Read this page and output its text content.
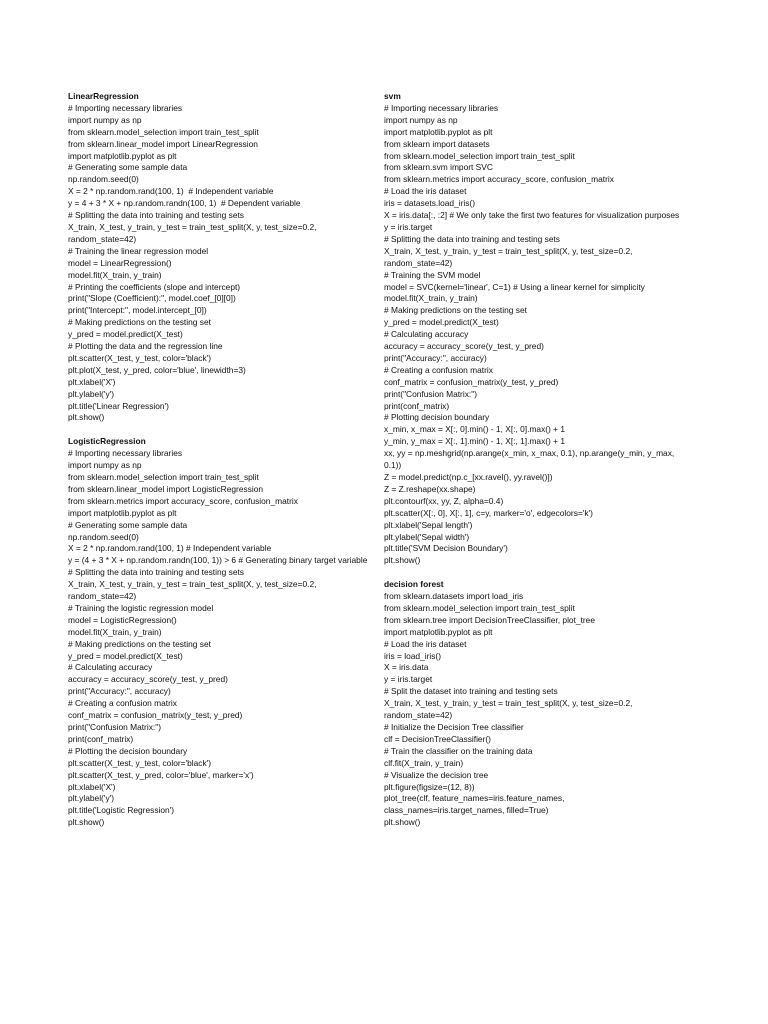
LinearRegression
# Importing necessary libraries
import numpy as np
from sklearn.model_selection import train_test_split
from sklearn.linear_model import LinearRegression
import matplotlib.pyplot as plt
# Generating some sample data
np.random.seed(0)
X = 2 * np.random.rand(100, 1)  # Independent variable
y = 4 + 3 * X + np.random.randn(100, 1)  # Dependent variable
# Splitting the data into training and testing sets
X_train, X_test, y_train, y_test = train_test_split(X, y, test_size=0.2,
random_state=42)
# Training the linear regression model
model = LinearRegression()
model.fit(X_train, y_train)
# Printing the coefficients (slope and intercept)
print("Slope (Coefficient):", model.coef_[0][0])
print("Intercept:", model.intercept_[0])
# Making predictions on the testing set
y_pred = model.predict(X_test)
# Plotting the data and the regression line
plt.scatter(X_test, y_test, color='black')
plt.plot(X_test, y_pred, color='blue', linewidth=3)
plt.xlabel('X')
plt.ylabel('y')
plt.title('Linear Regression')
plt.show()
LogisticRegression
# Importing necessary libraries
import numpy as np
from sklearn.model_selection import train_test_split
from sklearn.linear_model import LogisticRegression
from sklearn.metrics import accuracy_score, confusion_matrix
import matplotlib.pyplot as plt
# Generating some sample data
np.random.seed(0)
X = 2 * np.random.rand(100, 1) # Independent variable
y = (4 + 3 * X + np.random.randn(100, 1)) > 6 # Generating binary target variable
# Splitting the data into training and testing sets
X_train, X_test, y_train, y_test = train_test_split(X, y, test_size=0.2,
random_state=42)
# Training the logistic regression model
model = LogisticRegression()
model.fit(X_train, y_train)
# Making predictions on the testing set
y_pred = model.predict(X_test)
# Calculating accuracy
accuracy = accuracy_score(y_test, y_pred)
print("Accuracy:", accuracy)
# Creating a confusion matrix
conf_matrix = confusion_matrix(y_test, y_pred)
print("Confusion Matrix:")
print(conf_matrix)
# Plotting the decision boundary
plt.scatter(X_test, y_test, color='black')
plt.scatter(X_test, y_pred, color='blue', marker='x')
plt.xlabel('X')
plt.ylabel('y')
plt.title('Logistic Regression')
plt.show()
svm
# Importing necessary libraries
import numpy as np
import matplotlib.pyplot as plt
from sklearn import datasets
from sklearn.model_selection import train_test_split
from sklearn.svm import SVC
from sklearn.metrics import accuracy_score, confusion_matrix
# Load the iris dataset
iris = datasets.load_iris()
X = iris.data[:, :2] # We only take the first two features for visualization purposes
y = iris.target
# Splitting the data into training and testing sets
X_train, X_test, y_train, y_test = train_test_split(X, y, test_size=0.2,
random_state=42)
# Training the SVM model
model = SVC(kernel='linear', C=1) # Using a linear kernel for simplicity
model.fit(X_train, y_train)
# Making predictions on the testing set
y_pred = model.predict(X_test)
# Calculating accuracy
accuracy = accuracy_score(y_test, y_pred)
print("Accuracy:", accuracy)
# Creating a confusion matrix
conf_matrix = confusion_matrix(y_test, y_pred)
print("Confusion Matrix:")
print(conf_matrix)
# Plotting decision boundary
x_min, x_max = X[:, 0].min() - 1, X[:, 0].max() + 1
y_min, y_max = X[:, 1].min() - 1, X[:, 1].max() + 1
xx, yy = np.meshgrid(np.arange(x_min, x_max, 0.1), np.arange(y_min, y_max,
0.1))
Z = model.predict(np.c_[xx.ravel(), yy.ravel()])
Z = Z.reshape(xx.shape)
plt.contourf(xx, yy, Z, alpha=0.4)
plt.scatter(X[:, 0], X[:, 1], c=y, marker='o', edgecolors='k')
plt.xlabel('Sepal length')
plt.ylabel('Sepal width')
plt.title('SVM Decision Boundary')
plt.show()
decision forest
from sklearn.datasets import load_iris
from sklearn.model_selection import train_test_split
from sklearn.tree import DecisionTreeClassifier, plot_tree
import matplotlib.pyplot as plt
# Load the iris dataset
iris = load_iris()
X = iris.data
y = iris.target
# Split the dataset into training and testing sets
X_train, X_test, y_train, y_test = train_test_split(X, y, test_size=0.2,
random_state=42)
# Initialize the Decision Tree classifier
clf = DecisionTreeClassifier()
# Train the classifier on the training data
clf.fit(X_train, y_train)
# Visualize the decision tree
plt.figure(figsize=(12, 8))
plot_tree(clf, feature_names=iris.feature_names,
class_names=iris.target_names, filled=True)
plt.show()
